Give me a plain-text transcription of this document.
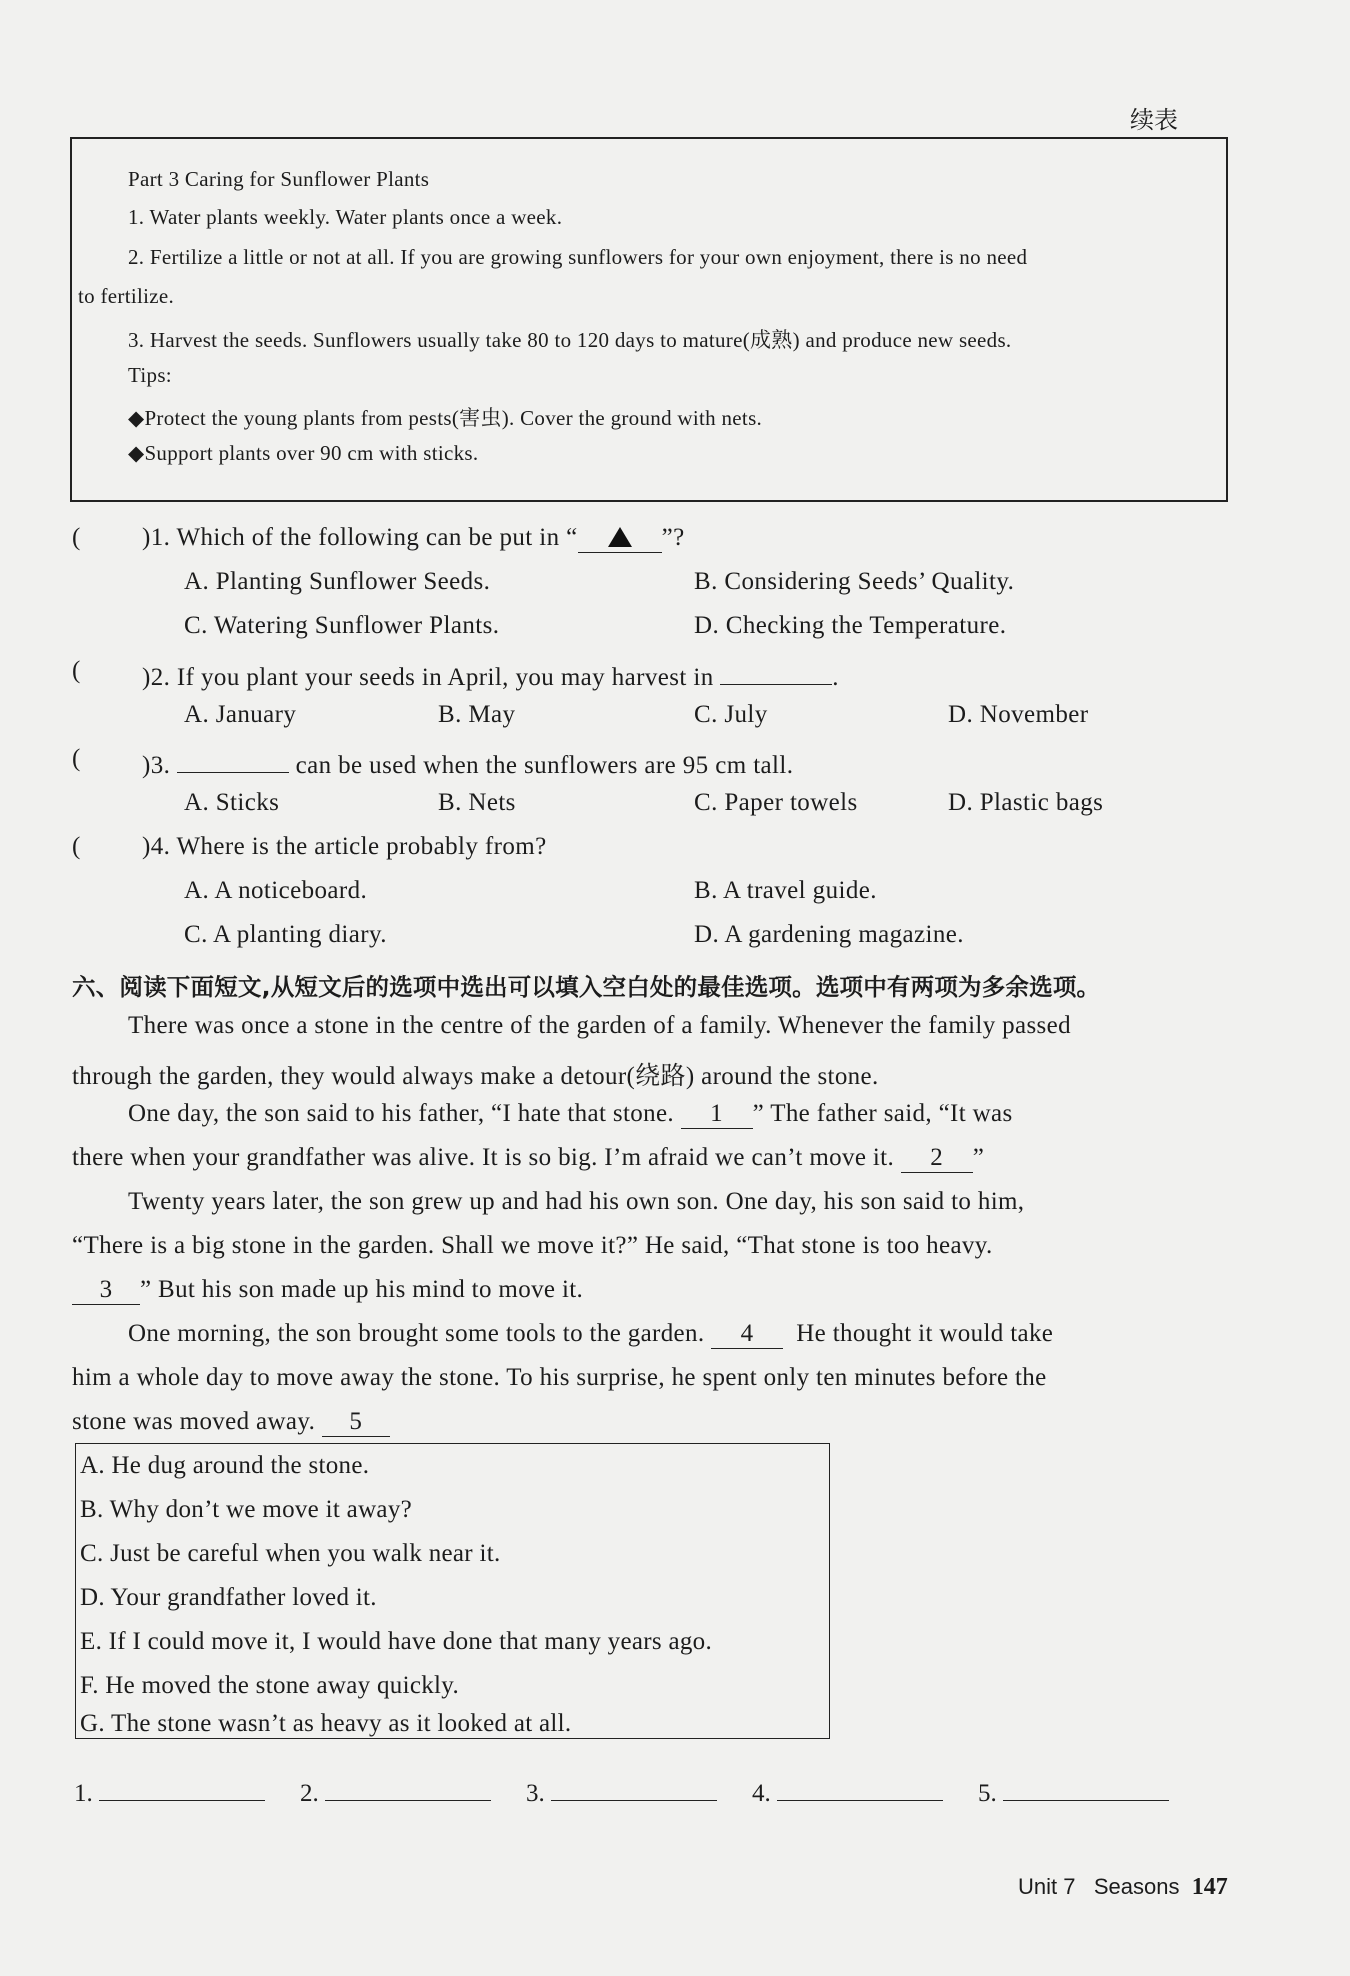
续表
Part 3 Caring for Sunflower Plants
1. Water plants weekly. Water plants once a week.
2. Fertilize a little or not at all. If you are growing sunflowers for your own enjoyment, there is no need
to fertilize.
3. Harvest the seeds. Sunflowers usually take 80 to 120 days to mature(成熟) and produce new seeds.
Tips:
◆Protect the young plants from pests(害虫). Cover the ground with nets.
◆Support plants over 90 cm with sticks.
( )1. Which of the following can be put in “	”?
A. Planting Sunflower Seeds.	B. Considering Seeds’ Quality.
C. Watering Sunflower Plants.	D. Checking the Temperature.
( )2. If you plant your seeds in April, you may harvest in	.
A. January	B. May	C. July	D. November
( )3.	can be used when the sunflowers are 95 cm tall.
A. Sticks	B. Nets	C. Paper towels	D. Plastic bags
( )4. Where is the article probably from?
A. A noticeboard.	B. A travel guide.
C. A planting diary.	D. A gardening magazine.
六、阅读下面短文,从短文后的选项中选出可以填入空白处的最佳选项。选项中有两项为多余选项。
There was once a stone in the centre of the garden of a family. Whenever the family passed
through the garden, they would always make a detour(绕路) around the stone.
One day, the son said to his father, “I hate that stone. 1 ” The father said, “It was
there when your grandfather was alive. It is so big. I’m afraid we can’t move it. 2 ”
Twenty years later, the son grew up and had his own son. One day, his son said to him,
“There is a big stone in the garden. Shall we move it?” He said, “That stone is too heavy.
3 ” But his son made up his mind to move it.
One morning, the son brought some tools to the garden. 4 He thought it would take
him a whole day to move away the stone. To his surprise, he spent only ten minutes before the
stone was moved away. 5
A. He dug around the stone.
B. Why don’t we move it away?
C. Just be careful when you walk near it.
D. Your grandfather loved it.
E. If I could move it, I would have done that many years ago.
F. He moved the stone away quickly.
G. The stone wasn’t as heavy as it looked at all.
1.	2.	3.	4.	5.
Unit 7 Seasons 147
